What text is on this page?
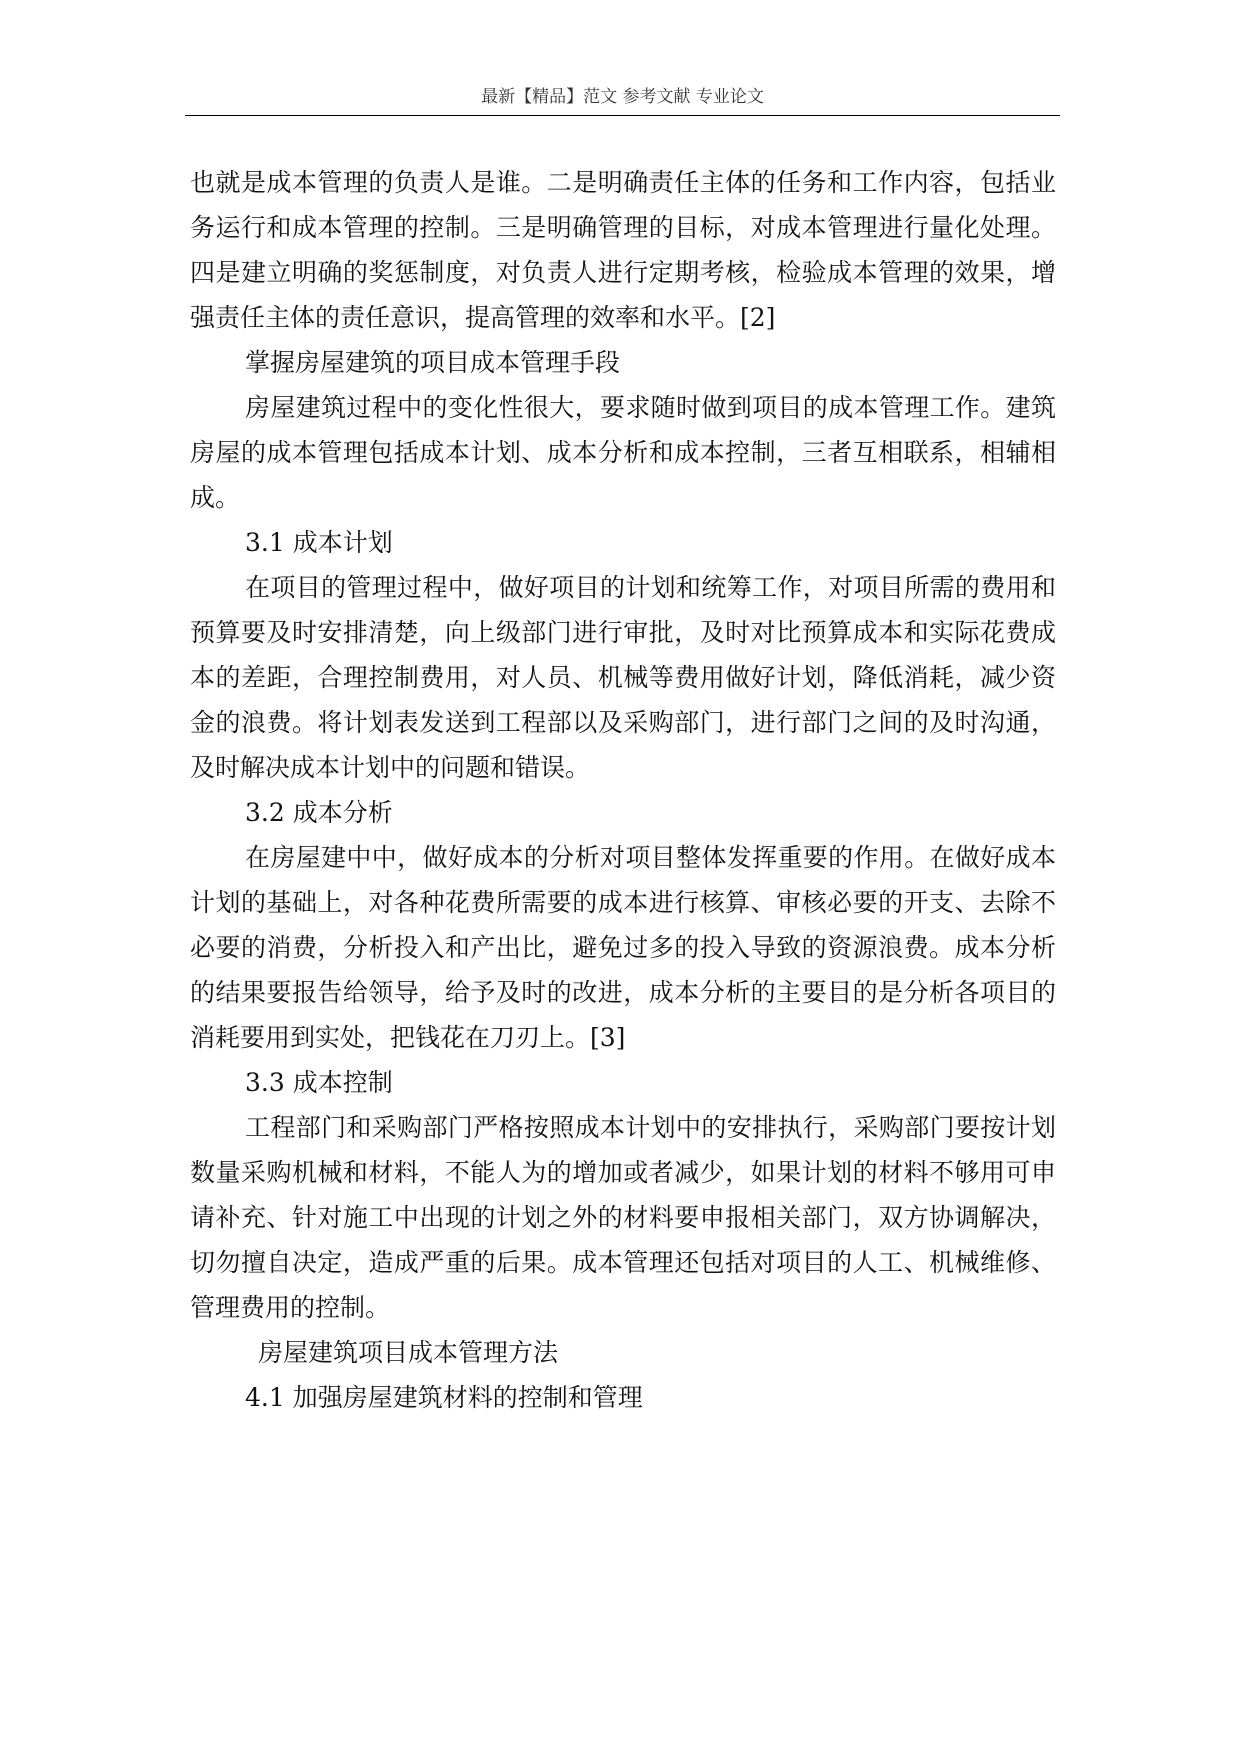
最新【精品】范文 参考文献 专业论文

也就是成本管理的负责人是谁。二是明确责任主体的任务和工作内容，包括业务运行和成本管理的控制。三是明确管理的目标，对成本管理进行量化处理。四是建立明确的奖惩制度，对负责人进行定期考核，检验成本管理的效果，增强责任主体的责任意识，提高管理的效率和水平。[2]

掌握房屋建筑的项目成本管理手段

房屋建筑过程中的变化性很大，要求随时做到项目的成本管理工作。建筑房屋的成本管理包括成本计划、成本分析和成本控制，三者互相联系，相辅相成。

3.1 成本计划

在项目的管理过程中，做好项目的计划和统筹工作，对项目所需的费用和预算要及时安排清楚，向上级部门进行审批，及时对比预算成本和实际花费成本的差距，合理控制费用，对人员、机械等费用做好计划，降低消耗，减少资金的浪费。将计划表发送到工程部以及采购部门，进行部门之间的及时沟通，及时解决成本计划中的问题和错误。

3.2 成本分析

在房屋建中中，做好成本的分析对项目整体发挥重要的作用。在做好成本计划的基础上，对各种花费所需要的成本进行核算、审核必要的开支、去除不必要的消费，分析投入和产出比，避免过多的投入导致的资源浪费。成本分析的结果要报告给领导，给予及时的改进，成本分析的主要目的是分析各项目的消耗要用到实处，把钱花在刀刃上。[3]

3.3 成本控制

工程部门和采购部门严格按照成本计划中的安排执行，采购部门要按计划数量采购机械和材料，不能人为的增加或者减少，如果计划的材料不够用可申请补充、针对施工中出现的计划之外的材料要申报相关部门，双方协调解决，切勿擅自决定，造成严重的后果。成本管理还包括对项目的人工、机械维修、管理费用的控制。

房屋建筑项目成本管理方法

4.1 加强房屋建筑材料的控制和管理
